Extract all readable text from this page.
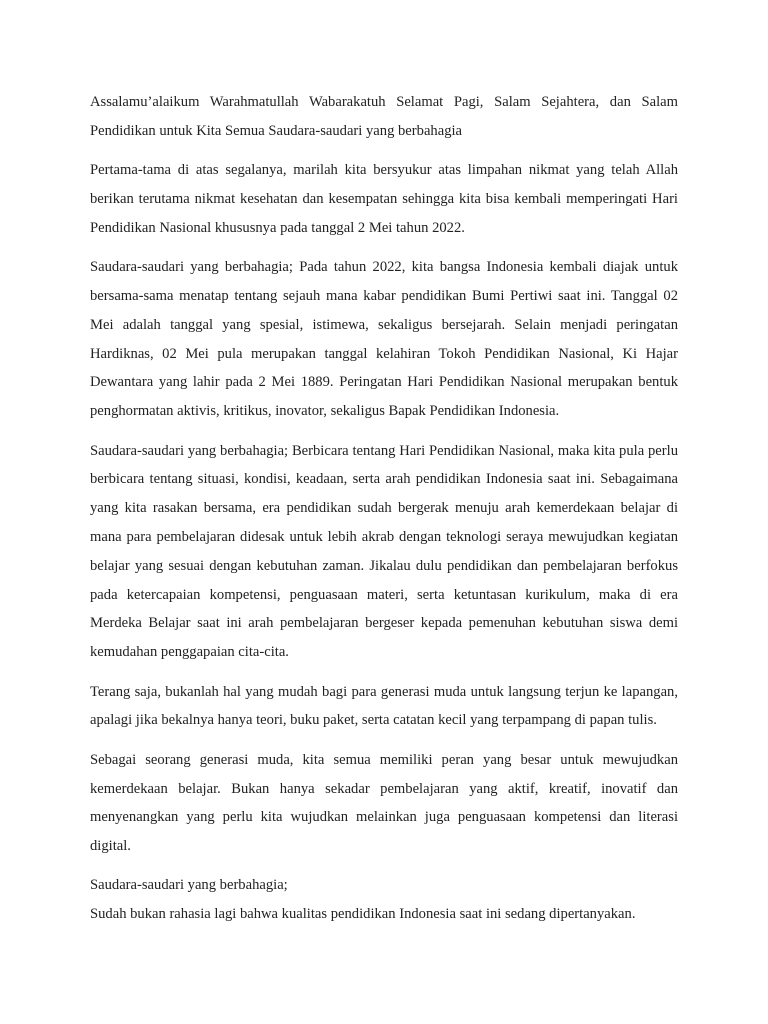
Assalamu’alaikum Warahmatullah Wabarakatuh Selamat Pagi, Salam Sejahtera, dan Salam Pendidikan untuk Kita Semua Saudara-saudari yang berbahagia

Pertama-tama di atas segalanya, marilah kita bersyukur atas limpahan nikmat yang telah Allah berikan terutama nikmat kesehatan dan kesempatan sehingga kita bisa kembali memperingati Hari Pendidikan Nasional khususnya pada tanggal 2 Mei tahun 2022.

Saudara-saudari yang berbahagia; Pada tahun 2022, kita bangsa Indonesia kembali diajak untuk bersama-sama menatap tentang sejauh mana kabar pendidikan Bumi Pertiwi saat ini. Tanggal 02 Mei adalah tanggal yang spesial, istimewa, sekaligus bersejarah. Selain menjadi peringatan Hardiknas, 02 Mei pula merupakan tanggal kelahiran Tokoh Pendidikan Nasional, Ki Hajar Dewantara yang lahir pada 2 Mei 1889. Peringatan Hari Pendidikan Nasional merupakan bentuk penghormatan aktivis, kritikus, inovator, sekaligus Bapak Pendidikan Indonesia.

Saudara-saudari yang berbahagia; Berbicara tentang Hari Pendidikan Nasional, maka kita pula perlu berbicara tentang situasi, kondisi, keadaan, serta arah pendidikan Indonesia saat ini. Sebagaimana yang kita rasakan bersama, era pendidikan sudah bergerak menuju arah kemerdekaan belajar di mana para pembelajaran didesak untuk lebih akrab dengan teknologi seraya mewujudkan kegiatan belajar yang sesuai dengan kebutuhan zaman. Jikalau dulu pendidikan dan pembelajaran berfokus pada ketercapaian kompetensi, penguasaan materi, serta ketuntasan kurikulum, maka di era Merdeka Belajar saat ini arah pembelajaran bergeser kepada pemenuhan kebutuhan siswa demi kemudahan penggapaian cita-cita.

Terang saja, bukanlah hal yang mudah bagi para generasi muda untuk langsung terjun ke lapangan, apalagi jika bekalnya hanya teori, buku paket, serta catatan kecil yang terpampang di papan tulis.

Sebagai seorang generasi muda, kita semua memiliki peran yang besar untuk mewujudkan kemerdekaan belajar. Bukan hanya sekadar pembelajaran yang aktif, kreatif, inovatif dan menyenangkan yang perlu kita wujudkan melainkan juga penguasaan kompetensi dan literasi digital.

Saudara-saudari yang berbahagia;
Sudah bukan rahasia lagi bahwa kualitas pendidikan Indonesia saat ini sedang dipertanyakan.
